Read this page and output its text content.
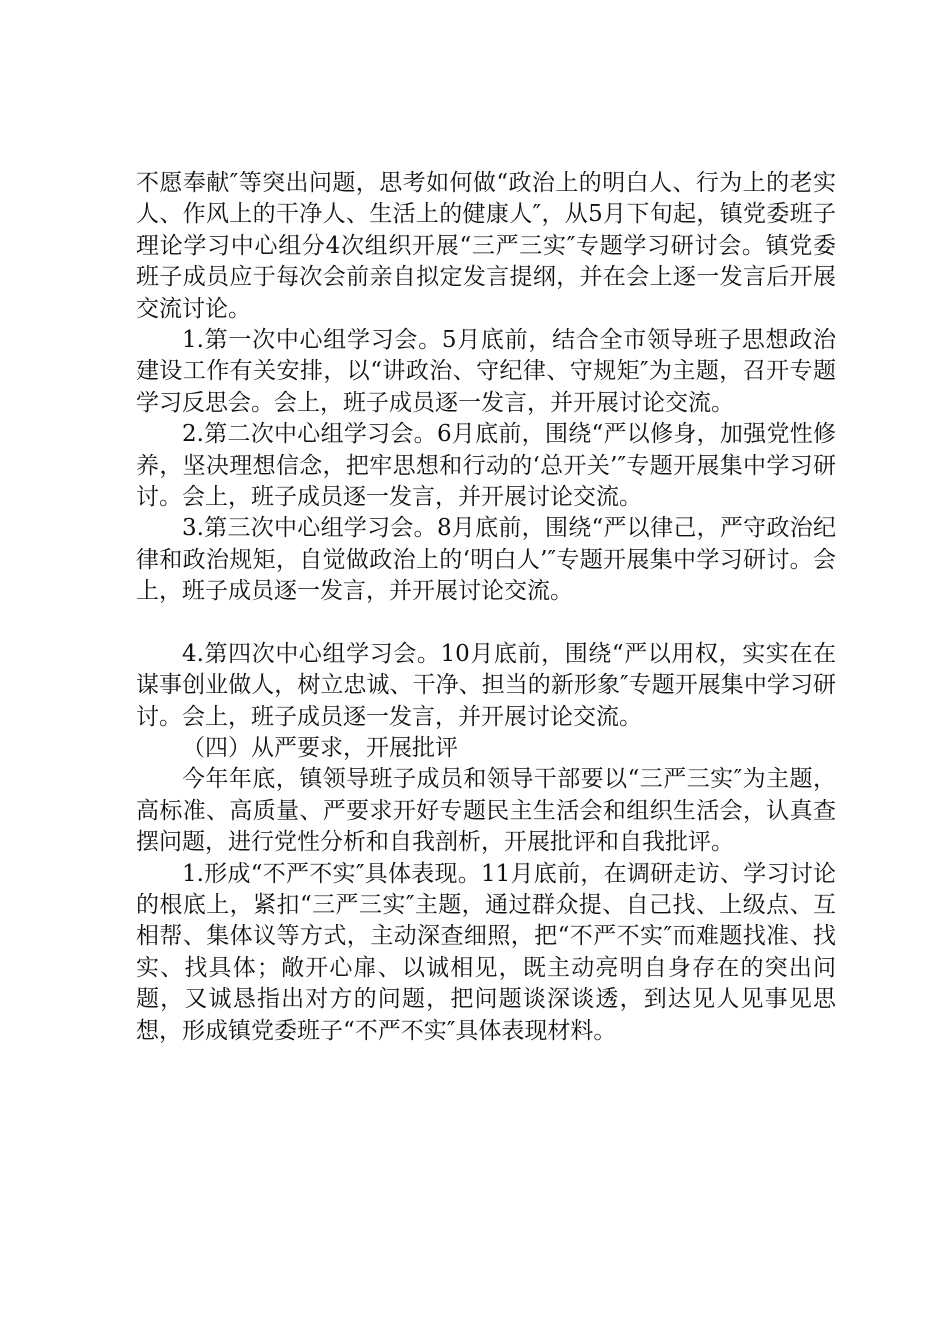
不愿奉献″等突出问题，思考如何做“政治上的明白人、行为上的老实人、作风上的干净人、生活上的健康人″，从5月下旬起，镇党委班子理论学习中心组分4次组织开展“三严三实″专题学习研讨会。镇党委班子成员应于每次会前亲自拟定发言提纲，并在会上逐一发言后开展交流讨论。

1.第一次中心组学习会。5月底前，结合全市领导班子思想政治建设工作有关安排，以“讲政治、守纪律、守规矩″为主题，召开专题学习反思会。会上，班子成员逐一发言，并开展讨论交流。

2.第二次中心组学习会。6月底前，围绕“严以修身，加强党性修养，坚决理想信念，把牢思想和行动的‘总开关’″专题开展集中学习研讨。会上，班子成员逐一发言，并开展讨论交流。

3.第三次中心组学习会。8月底前，围绕“严以律己，严守政治纪律和政治规矩，自觉做政治上的‘明白人’″专题开展集中学习研讨。会上，班子成员逐一发言，并开展讨论交流。

4.第四次中心组学习会。10月底前，围绕“严以用权，实实在在谋事创业做人，树立忠诚、干净、担当的新形象″专题开展集中学习研讨。会上，班子成员逐一发言，并开展讨论交流。

（四）从严要求，开展批评

今年年底，镇领导班子成员和领导干部要以“三严三实″为主题，高标准、高质量、严要求开好专题民主生活会和组织生活会，认真查摆问题，进行党性分析和自我剖析，开展批评和自我批评。

1.形成“不严不实″具体表现。11月底前，在调研走访、学习讨论的根底上，紧扣“三严三实″主题，通过群众提、自己找、上级点、互相帮、集体议等方式，主动深查细照，把“不严不实″而难题找准、找实、找具体；敞开心扉、以诚相见，既主动亮明自身存在的突出问题，又诚恳指出对方的问题，把问题谈深谈透，到达见人见事见思想，形成镇党委班子“不严不实″具体表现材料。
